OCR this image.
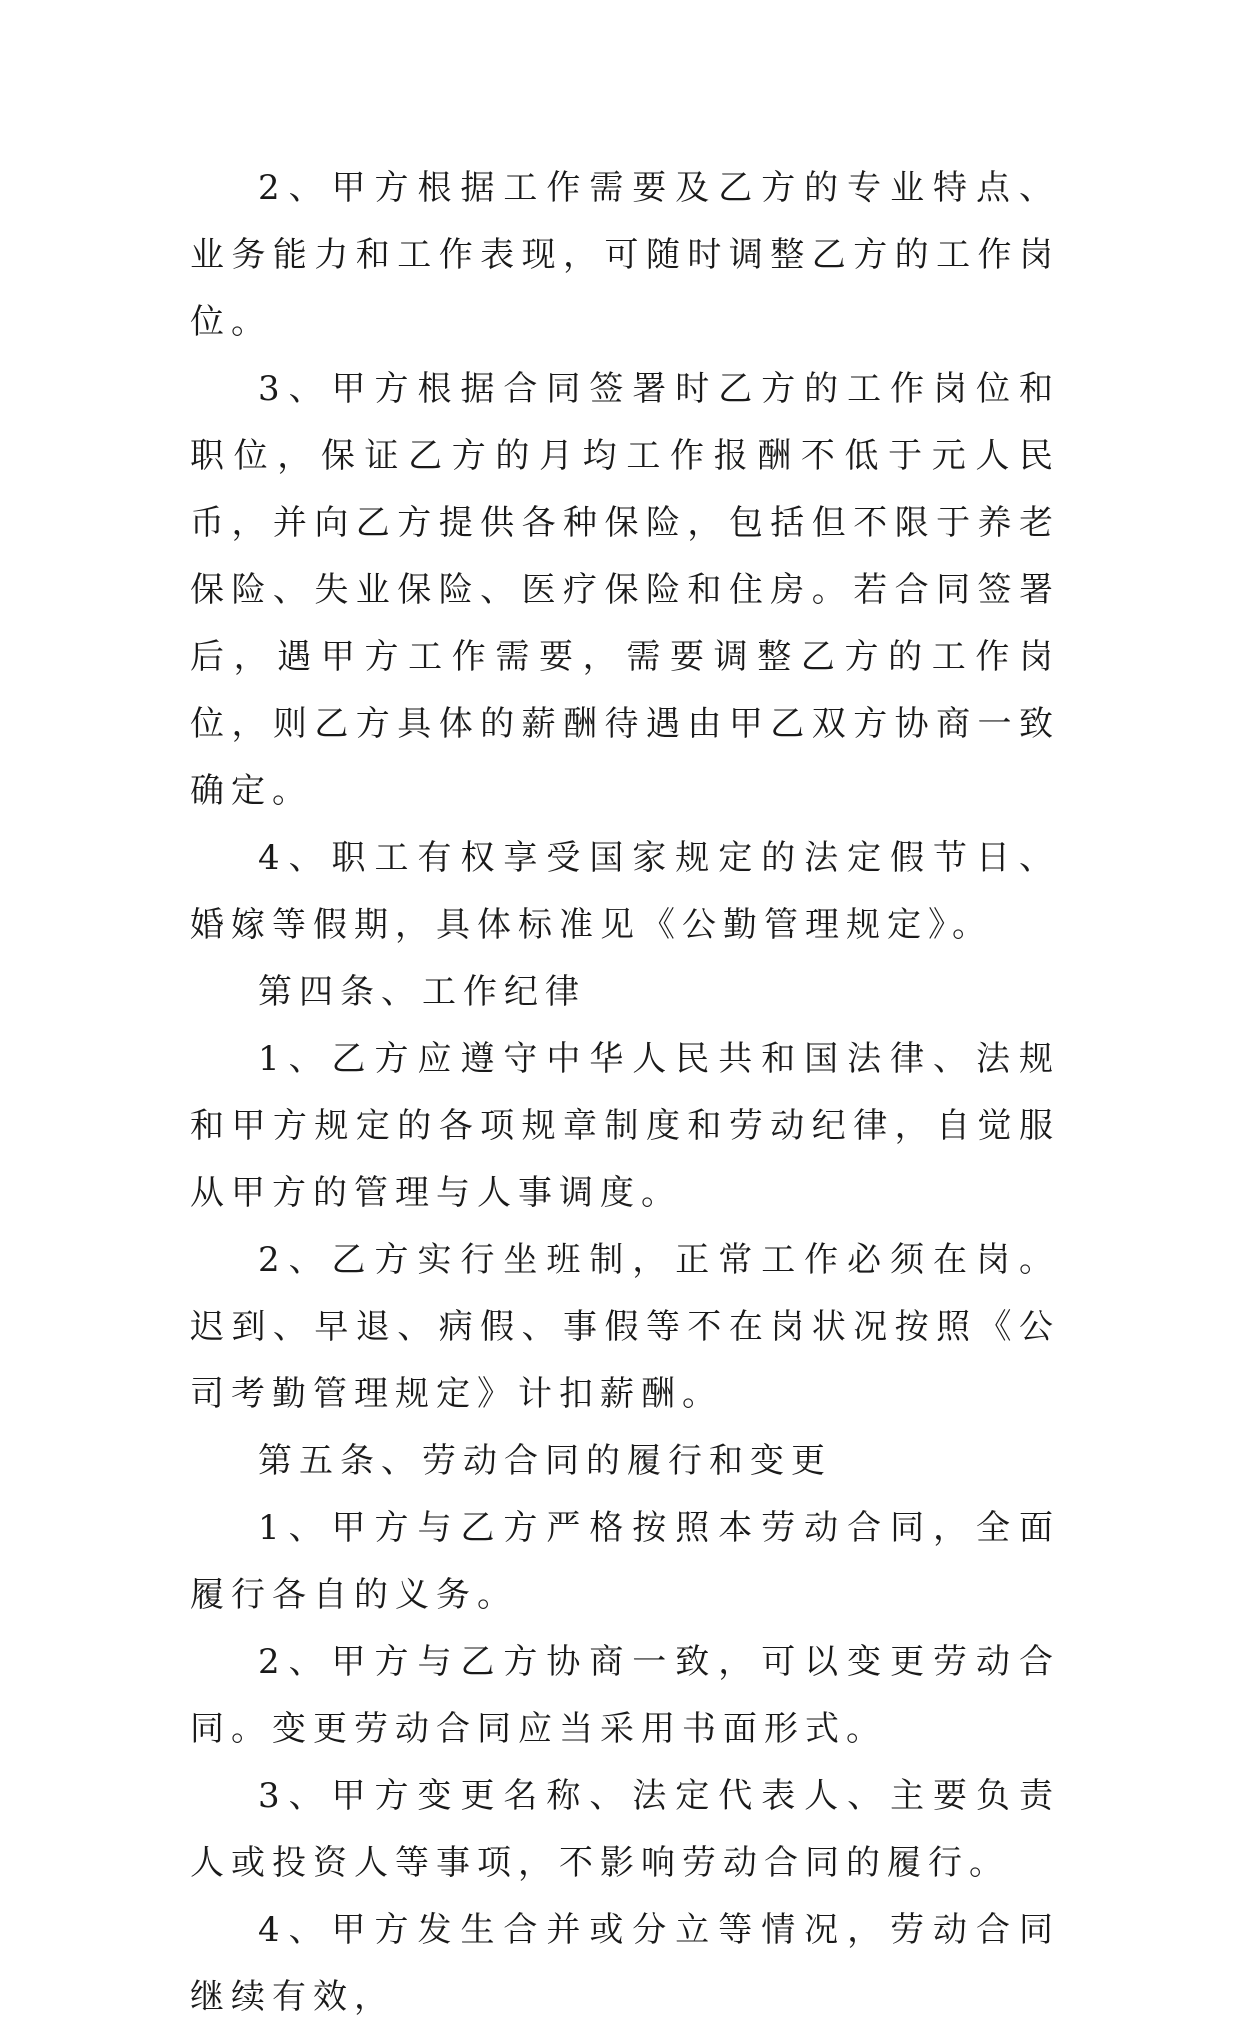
2、甲方根据工作需要及乙方的专业特点、业务能力和工作表现，可随时调整乙方的工作岗位。

3、甲方根据合同签署时乙方的工作岗位和职位，保证乙方的月均工作报酬不低于元人民币，并向乙方提供各种保险，包括但不限于养老保险、失业保险、医疗保险和住房。若合同签署后，遇甲方工作需要，需要调整乙方的工作岗位，则乙方具体的薪酬待遇由甲乙双方协商一致确定。

4、职工有权享受国家规定的法定假节日、婚嫁等假期，具体标准见《公勤管理规定》。

第四条、工作纪律

1、乙方应遵守中华人民共和国法律、法规和甲方规定的各项规章制度和劳动纪律，自觉服从甲方的管理与人事调度。

2、乙方实行坐班制，正常工作必须在岗。迟到、早退、病假、事假等不在岗状况按照《公司考勤管理规定》计扣薪酬。

第五条、劳动合同的履行和变更

1、甲方与乙方严格按照本劳动合同，全面履行各自的义务。

2、甲方与乙方协商一致，可以变更劳动合同。变更劳动合同应当采用书面形式。

3、甲方变更名称、法定代表人、主要负责人或投资人等事项，不影响劳动合同的履行。

4、甲方发生合并或分立等情况，劳动合同继续有效，
